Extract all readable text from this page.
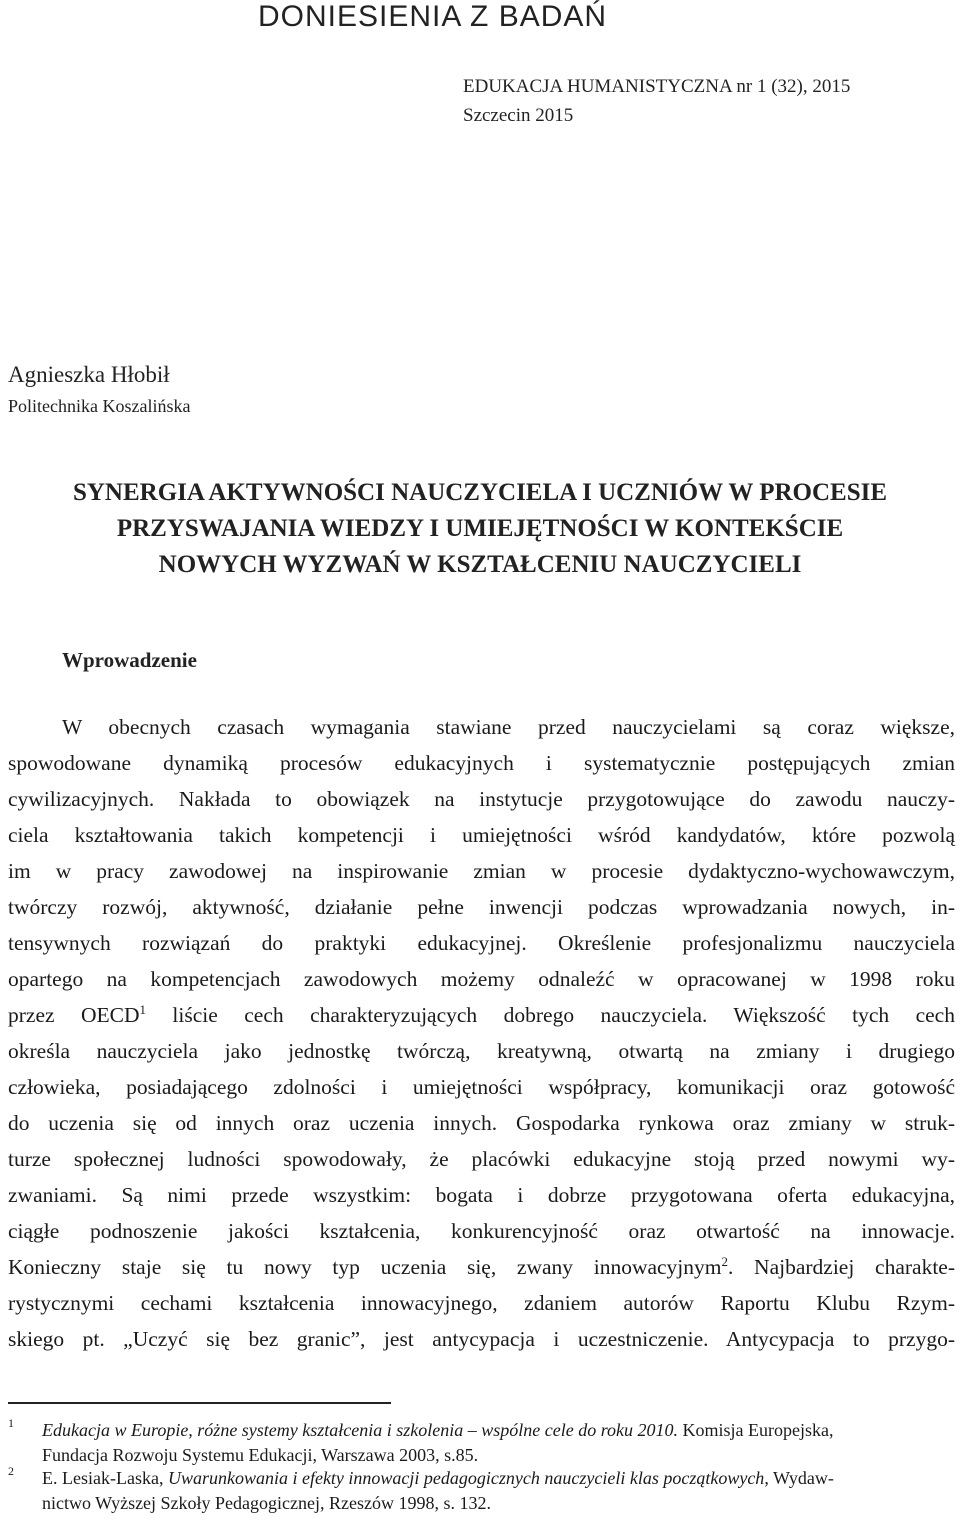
DONIESIENIA Z BADAŃ
EDUKACJA HUMANISTYCZNA nr 1 (32), 2015
Szczecin 2015
Agnieszka Hłobił
Politechnika Koszalińska
SYNERGIA AKTYWNOŚCI NAUCZYCIELA I UCZNIÓW W PROCESIE
PRZYSWAJANIA WIEDZY I UMIEJĘTNOŚCI W KONTEKŚCIE
NOWYCH WYZWAŃ W KSZTAŁCENIU NAUCZYCIELI
Wprowadzenie
W obecnych czasach wymagania stawiane przed nauczycielami są coraz większe,
spowodowane dynamiką procesów edukacyjnych i systematycznie postępujących zmian
cywilizacyjnych. Nakłada to obowiązek na instytucje przygotowujące do zawodu nauczy-
ciela kształtowania takich kompetencji i umiejętności wśród kandydatów, które pozwolą
im w pracy zawodowej na inspirowanie zmian w procesie dydaktyczno-wychowawczym,
twórczy rozwój, aktywność, działanie pełne inwencji podczas wprowadzania nowych, in-
tensywnych rozwiązań do praktyki edukacyjnej. Określenie profesjonalizmu nauczyciela
opartego na kompetencjach zawodowych możemy odnaleźć w opracowanej w 1998 roku
przez OECD$^1$ liście cech charakteryzujących dobrego nauczyciela. Większość tych cech
określa nauczyciela jako jednostkę twórczą, kreatywną, otwartą na zmiany i drugiego
człowieka, posiadającego zdolności i umiejętności współpracy, komunikacji oraz gotowość
do uczenia się od innych oraz uczenia innych. Gospodarka rynkowa oraz zmiany w struk-
turze społecznej ludności spowodowały, że placówki edukacyjne stoją przed nowymi wy-
zwaniami. Są nimi przede wszystkim: bogata i dobrze przygotowana oferta edukacyjna,
ciągłe podnoszenie jakości kształcenia, konkurencyjność oraz otwartość na innowacje.
Konieczny staje się tu nowy typ uczenia się, zwany innowacyjnym$^2$. Najbardziej charakte-
rystycznymi cechami kształcenia innowacyjnego, zdaniem autorów Raportu Klubu Rzym-
skiego pt. „Uczyć się bez granic”, jest antycypacja i uczestniczenie. Antycypacja to przygo-
1 Edukacja w Europie, różne systemy kształcenia i szkolenia – wspólne cele do roku 2010. Komisja Europejska,
Fundacja Rozwoju Systemu Edukacji, Warszawa 2003, s.85.
2 E. Lesiak-Laska, Uwarunkowania i efekty innowacji pedagogicznych nauczycieli klas początkowych, Wydaw-
nictwo Wyższej Szkoły Pedagogicznej, Rzeszów 1998, s. 132.
